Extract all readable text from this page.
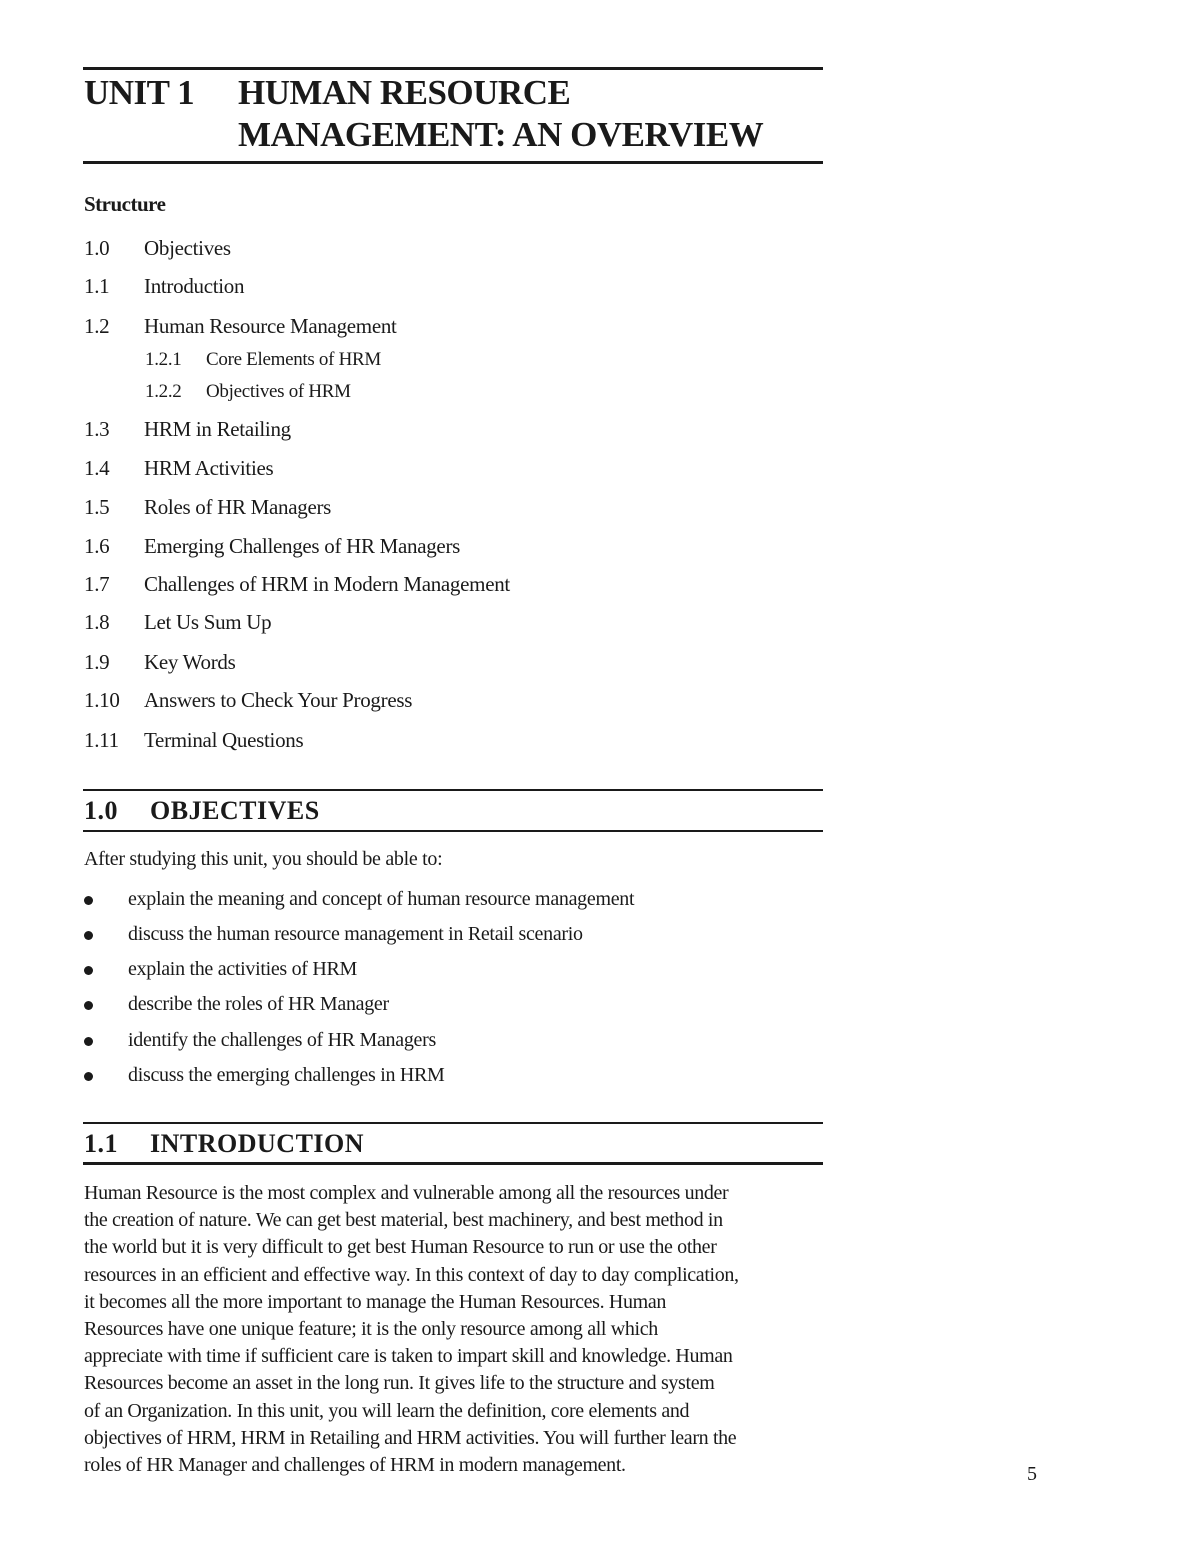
UNIT 1 HUMAN RESOURCE
MANAGEMENT: AN OVERVIEW
Structure
1.0 Objectives
1.1 Introduction
1.2 Human Resource Management
1.2.1 Core Elements of HRM
1.2.2 Objectives of HRM
1.3 HRM in Retailing
1.4 HRM Activities
1.5 Roles of HR Managers
1.6 Emerging Challenges of HR Managers
1.7 Challenges of HRM in Modern Management
1.8 Let Us Sum Up
1.9 Key Words
1.10 Answers to Check Your Progress
1.11 Terminal Questions
1.0 OBJECTIVES
After studying this unit, you should be able to:
explain the meaning and concept of human resource management
discuss the human resource management in Retail scenario
explain the activities of HRM
describe the roles of HR Manager
identify the challenges of HR Managers
discuss the emerging challenges in HRM
1.1 INTRODUCTION
Human Resource is the most complex and vulnerable among all the resources under
the creation of nature. We can get best material, best machinery, and best method in
the world but it is very difficult to get best Human Resource to run or use the other
resources in an efficient and effective way. In this context of day to day complication,
it becomes all the more important to manage the Human Resources. Human
Resources have one unique feature; it is the only resource among all which
appreciate with time if sufficient care is taken to impart skill and knowledge. Human
Resources become an asset in the long run. It gives life to the structure and system
of an Organization. In this unit, you will learn the definition, core elements and
objectives of HRM, HRM in Retailing and HRM activities. You will further learn the
roles of HR Manager and challenges of HRM in modern management.	5
